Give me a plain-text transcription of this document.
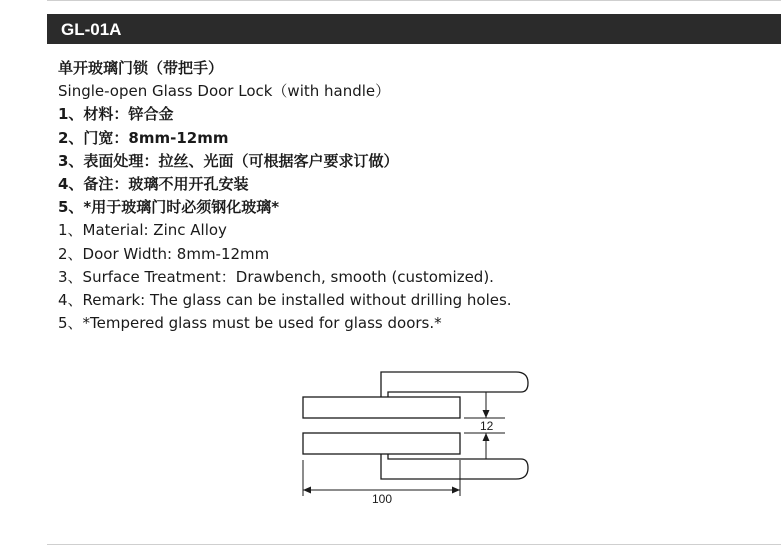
GL-01A
单开玻璃门锁（带把手）
Single-open Glass Door Lock（with handle）
1、材料：锌合金
2、门宽：8mm-12mm
3、表面处理：拉丝、光面（可根据客户要求订做）
4、备注：玻璃不用开孔安装
5、*用于玻璃门时必须钢化玻璃*
1、Material: Zinc Alloy
2、Door Width: 8mm-12mm
3、Surface Treatment：Drawbench, smooth (customized).
4、Remark: The glass can be installed without drilling holes.
5、*Tempered glass must be used for glass doors.*
12
100
